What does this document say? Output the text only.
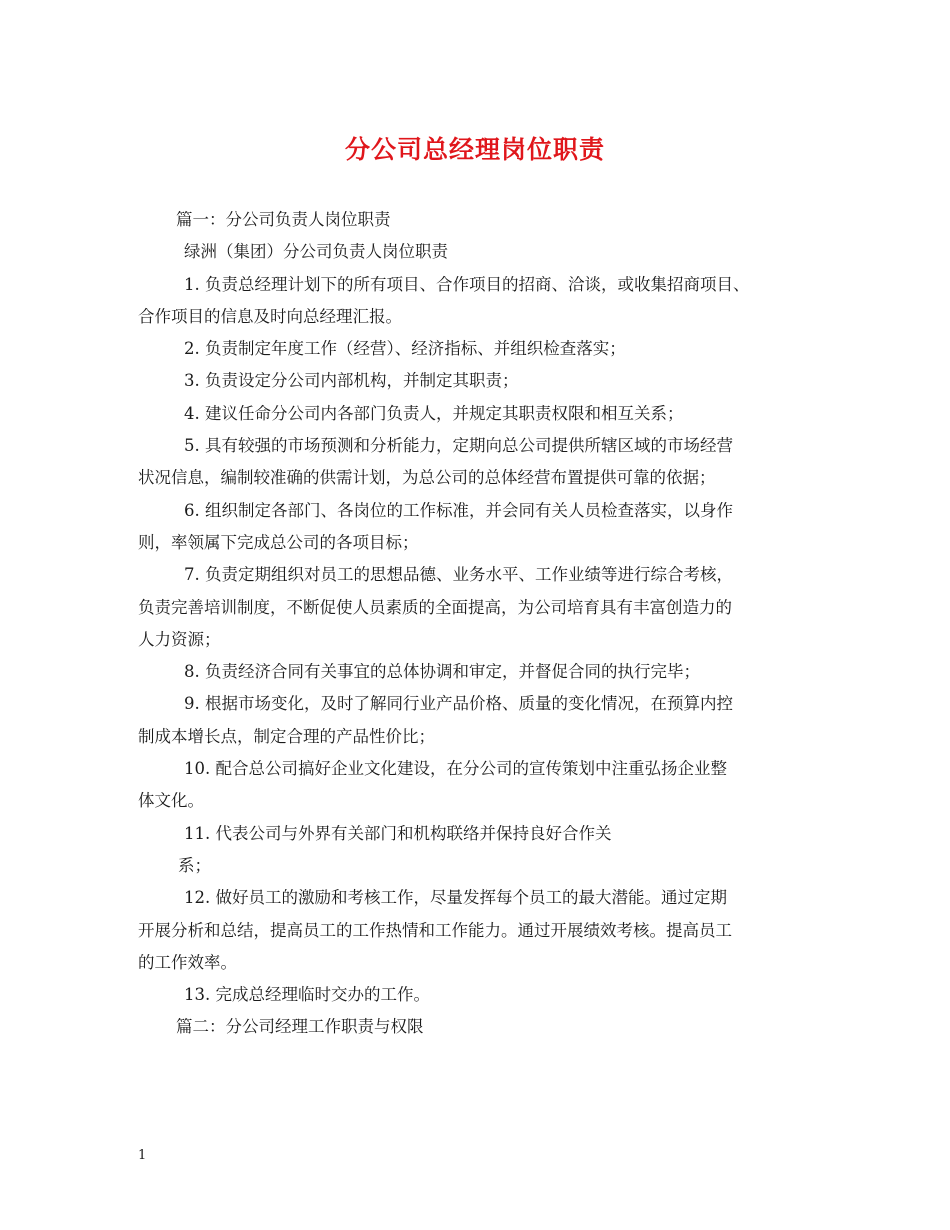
分公司总经理岗位职责

篇一：分公司负责人岗位职责

绿洲（集团）分公司负责人岗位职责

1. 负责总经理计划下的所有项目、合作项目的招商、洽谈，或收集招商项目、

合作项目的信息及时向总经理汇报。

2. 负责制定年度工作（经营）、经济指标、并组织检查落实；

3. 负责设定分公司内部机构，并制定其职责；

4. 建议任命分公司内各部门负责人，并规定其职责权限和相互关系；

5. 具有较强的市场预测和分析能力，定期向总公司提供所辖区域的市场经营

状况信息，编制较准确的供需计划，为总公司的总体经营布置提供可靠的依据；

6. 组织制定各部门、各岗位的工作标准，并会同有关人员检查落实，以身作

则，率领属下完成总公司的各项目标；

7. 负责定期组织对员工的思想品德、业务水平、工作业绩等进行综合考核，

负责完善培训制度，不断促使人员素质的全面提高，为公司培育具有丰富创造力的

人力资源；

8. 负责经济合同有关事宜的总体协调和审定，并督促合同的执行完毕；

9. 根据市场变化，及时了解同行业产品价格、质量的变化情况，在预算内控

制成本增长点，制定合理的产品性价比；

10. 配合总公司搞好企业文化建设，在分公司的宣传策划中注重弘扬企业整

体文化。

11. 代表公司与外界有关部门和机构联络并保持良好合作关

系；

12. 做好员工的激励和考核工作，尽量发挥每个员工的最大潜能。通过定期

开展分析和总结，提高员工的工作热情和工作能力。通过开展绩效考核。提高员工

的工作效率。

13. 完成总经理临时交办的工作。

篇二：分公司经理工作职责与权限

1
